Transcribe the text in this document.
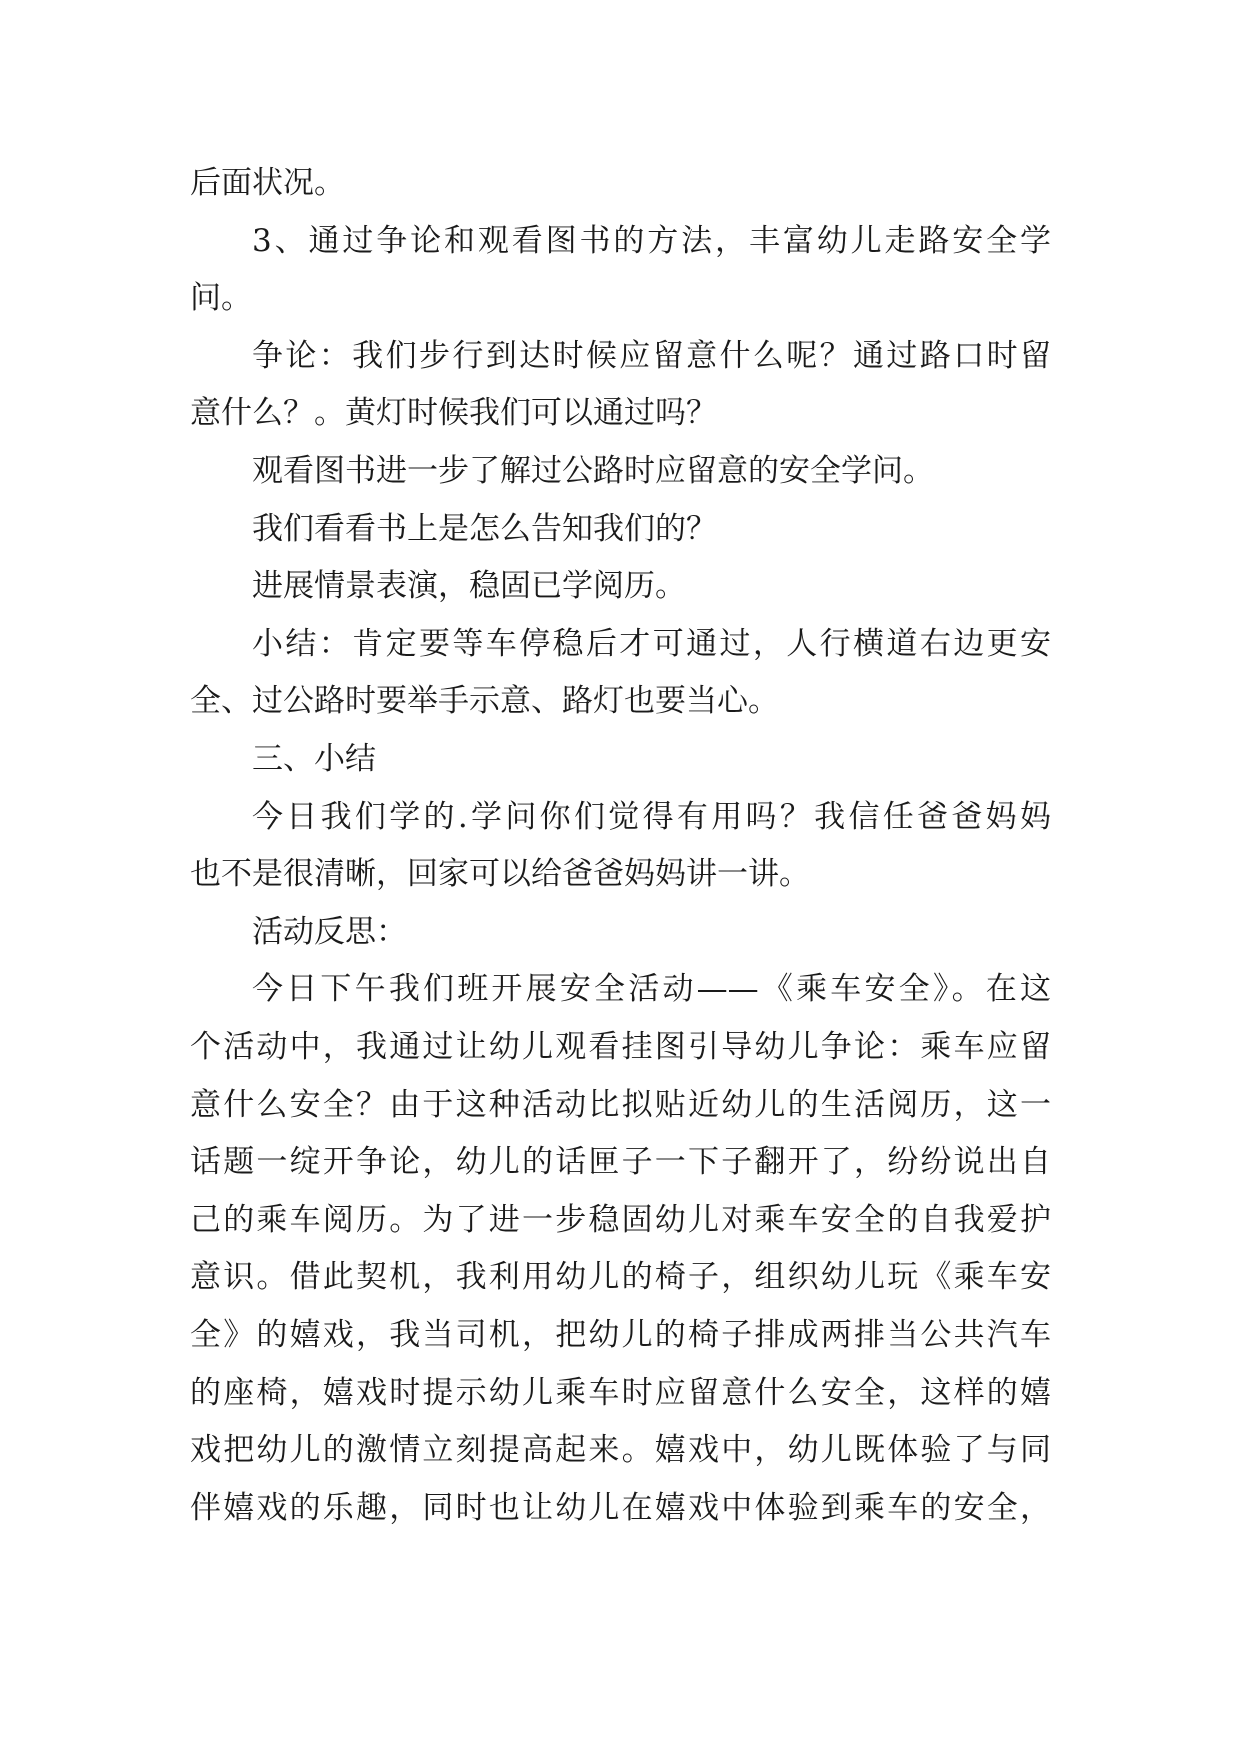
后面状况。
3、通过争论和观看图书的方法，丰富幼儿走路安全学
问。
争论：我们步行到达时候应留意什么呢？通过路口时留
意什么？。黄灯时候我们可以通过吗？
观看图书进一步了解过公路时应留意的安全学问。
我们看看书上是怎么告知我们的？
进展情景表演，稳固已学阅历。
小结：肯定要等车停稳后才可通过，人行横道右边更安
全、过公路时要举手示意、路灯也要当心。
三、小结
今日我们学的.学问你们觉得有用吗？我信任爸爸妈妈
也不是很清晰，回家可以给爸爸妈妈讲一讲。
活动反思：
今日下午我们班开展安全活动——《乘车安全》。在这
个活动中，我通过让幼儿观看挂图引导幼儿争论：乘车应留
意什么安全？由于这种活动比拟贴近幼儿的生活阅历，这一
话题一绽开争论，幼儿的话匣子一下子翻开了，纷纷说出自
己的乘车阅历。为了进一步稳固幼儿对乘车安全的自我爱护
意识。借此契机，我利用幼儿的椅子，组织幼儿玩《乘车安
全》的嬉戏，我当司机，把幼儿的椅子排成两排当公共汽车
的座椅，嬉戏时提示幼儿乘车时应留意什么安全，这样的嬉
戏把幼儿的激情立刻提高起来。嬉戏中，幼儿既体验了与同
伴嬉戏的乐趣，同时也让幼儿在嬉戏中体验到乘车的安全，
